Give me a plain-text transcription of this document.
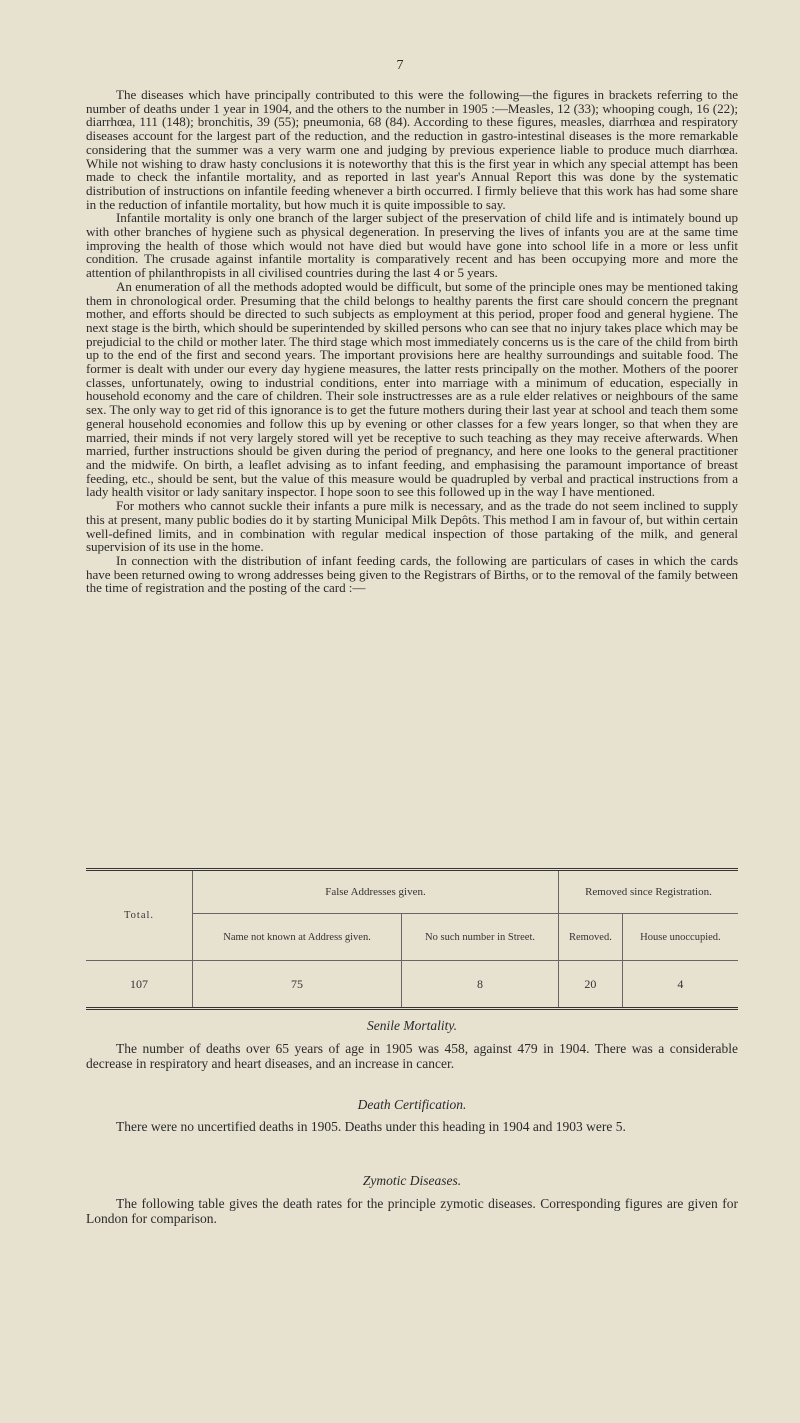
7

The diseases which have principally contributed to this were the following—the figures in brackets referring to the number of deaths under 1 year in 1904, and the others to the number in 1905 :—Measles, 12 (33); whooping cough, 16 (22); diarrhœa, 111 (148); bronchitis, 39 (55); pneumonia, 68 (84). According to these figures, measles, diarrhœa and respiratory diseases account for the largest part of the reduction, and the reduction in gastro-intestinal diseases is the more remarkable considering that the summer was a very warm one and judging by previous experience liable to produce much diarrhœa. While not wishing to draw hasty conclusions it is noteworthy that this is the first year in which any special attempt has been made to check the infantile mortality, and as reported in last year's Annual Report this was done by the systematic distribution of instructions on infantile feeding whenever a birth occurred. I firmly believe that this work has had some share in the reduction of infantile mortality, but how much it is quite impossible to say.

Infantile mortality is only one branch of the larger subject of the preservation of child life and is intimately bound up with other branches of hygiene such as physical degeneration. In preserving the lives of infants you are at the same time improving the health of those which would not have died but would have gone into school life in a more or less unfit condition. The crusade against infantile mortality is comparatively recent and has been occupying more and more the attention of philanthropists in all civilised countries during the last 4 or 5 years.

An enumeration of all the methods adopted would be difficult, but some of the principle ones may be mentioned taking them in chronological order. Presuming that the child belongs to healthy parents the first care should concern the pregnant mother, and efforts should be directed to such subjects as employment at this period, proper food and general hygiene. The next stage is the birth, which should be superintended by skilled persons who can see that no injury takes place which may be prejudicial to the child or mother later. The third stage which most immediately concerns us is the care of the child from birth up to the end of the first and second years. The important provisions here are healthy surroundings and suitable food. The former is dealt with under our every day hygiene measures, the latter rests principally on the mother. Mothers of the poorer classes, unfortunately, owing to industrial conditions, enter into marriage with a minimum of education, especially in household economy and the care of children. Their sole instructresses are as a rule elder relatives or neighbours of the same sex. The only way to get rid of this ignorance is to get the future mothers during their last year at school and teach them some general household economies and follow this up by evening or other classes for a few years longer, so that when they are married, their minds if not very largely stored will yet be receptive to such teaching as they may receive afterwards. When married, further instructions should be given during the period of pregnancy, and here one looks to the general practitioner and the midwife. On birth, a leaflet advising as to infant feeding, and emphasising the paramount importance of breast feeding, etc., should be sent, but the value of this measure would be quadrupled by verbal and practical instructions from a lady health visitor or lady sanitary inspector. I hope soon to see this followed up in the way I have mentioned.

For mothers who cannot suckle their infants a pure milk is necessary, and as the trade do not seem inclined to supply this at present, many public bodies do it by starting Municipal Milk Depôts. This method I am in favour of, but within certain well-defined limits, and in combination with regular medical inspection of those partaking of the milk, and general supervision of its use in the home.

In connection with the distribution of infant feeding cards, the following are particulars of cases in which the cards have been returned owing to wrong addresses being given to the Registrars of Births, or to the removal of the family between the time of registration and the posting of the card :—

Total.	False Addresses given.		Removed since Registration.	
	Name not known at Address given.	No such number in Street.	Removed.	House unoccupied.
107	75	8	20	4
Senile Mortality.

The number of deaths over 65 years of age in 1905 was 458, against 479 in 1904. There was a considerable decrease in respiratory and heart diseases, and an increase in cancer.

Death Certification.

There were no uncertified deaths in 1905. Deaths under this heading in 1904 and 1903 were 5.

Zymotic Diseases.

The following table gives the death rates for the principle zymotic diseases. Corresponding figures are given for London for comparison.
